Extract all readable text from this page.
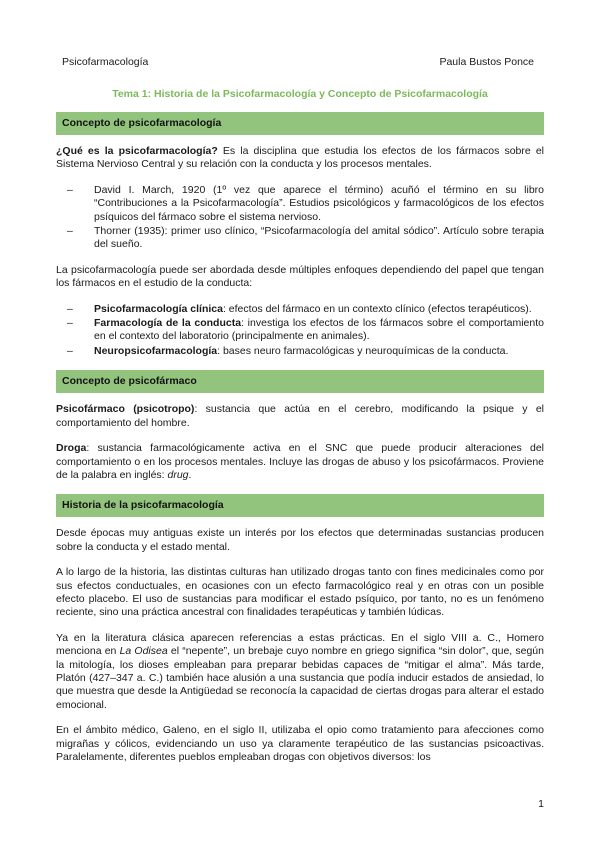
Psicofarmacología	Paula Bustos Ponce
Tema 1: Historia de la Psicofarmacología y Concepto de Psicofarmacología
Concepto de psicofarmacología

¿Qué es la psicofarmacología? Es la disciplina que estudia los efectos de los fármacos sobre el Sistema Nervioso Central y su relación con la conducta y los procesos mentales.

– David I. March, 1920 (1º vez que aparece el término) acuñó el término en su libro “Contribuciones a la Psicofarmacología”. Estudios psicológicos y farmacológicos de los efectos psíquicos del fármaco sobre el sistema nervioso.
– Thorner (1935): primer uso clínico, “Psicofarmacología del amital sódico”. Artículo sobre terapia del sueño.

La psicofarmacología puede ser abordada desde múltiples enfoques dependiendo del papel que tengan los fármacos en el estudio de la conducta:

– Psicofarmacología clínica: efectos del fármaco en un contexto clínico (efectos terapéuticos).
– Farmacología de la conducta: investiga los efectos de los fármacos sobre el comportamiento en el contexto del laboratorio (principalmente en animales).
– Neuropsicofarmacología: bases neuro farmacológicas y neuroquímicas de la conducta.
Concepto de psicofármaco

Psicofármaco (psicotropo): sustancia que actúa en el cerebro, modificando la psique y el comportamiento del hombre.

Droga: sustancia farmacológicamente activa en el SNC que puede producir alteraciones del comportamiento o en los procesos mentales. Incluye las drogas de abuso y los psicofármacos. Proviene de la palabra en inglés: drug.

Historia de la psicofarmacología

Desde épocas muy antiguas existe un interés por los efectos que determinadas sustancias producen sobre la conducta y el estado mental.

A lo largo de la historia, las distintas culturas han utilizado drogas tanto con fines medicinales como por sus efectos conductuales, en ocasiones con un efecto farmacológico real y en otras con un posible efecto placebo. El uso de sustancias para modificar el estado psíquico, por tanto, no es un fenómeno reciente, sino una práctica ancestral con finalidades terapéuticas y también lúdicas.

Ya en la literatura clásica aparecen referencias a estas prácticas. En el siglo VIII a. C., Homero menciona en La Odisea el “nepente”, un brebaje cuyo nombre en griego significa “sin dolor”, que, según la mitología, los dioses empleaban para preparar bebidas capaces de “mitigar el alma”. Más tarde, Platón (427–347 a. C.) también hace alusión a una sustancia que podía inducir estados de ansiedad, lo que muestra que desde la Antigüedad se reconocía la capacidad de ciertas drogas para alterar el estado emocional.

En el ámbito médico, Galeno, en el siglo II, utilizaba el opio como tratamiento para afecciones como migrañas y cólicos, evidenciando un uso ya claramente terapéutico de las sustancias psicoactivas. Paralelamente, diferentes pueblos empleaban drogas con objetivos diversos: los

1
